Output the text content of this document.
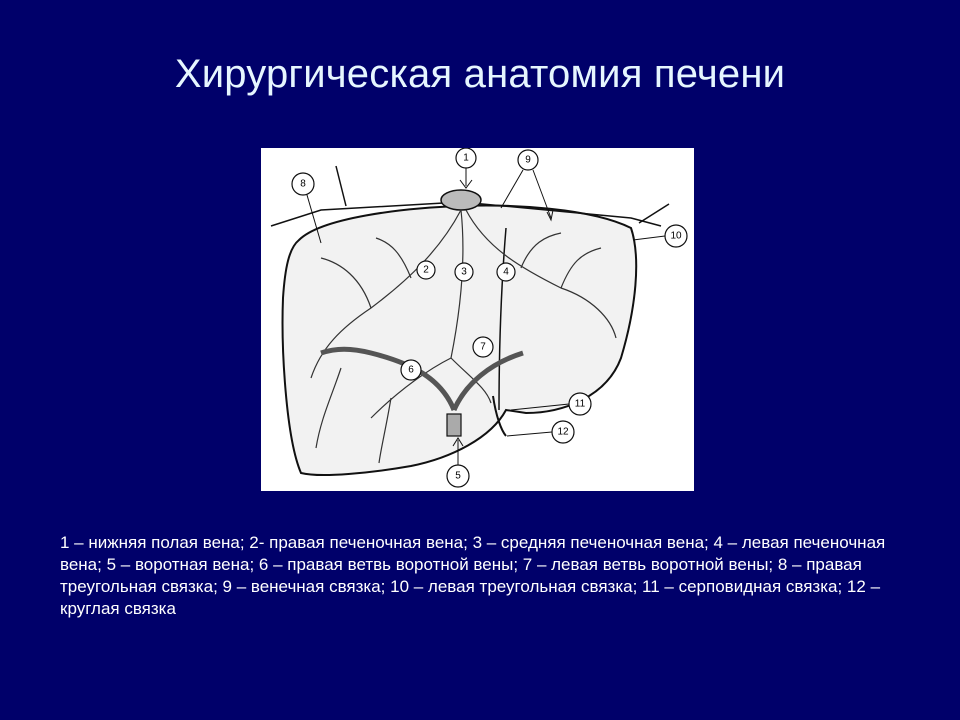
Хирургическая анатомия печени
1	9
8
10
2	3	4
6
7
11
12
5

1 – нижняя полая вена; 2- правая печеночная вена; 3 – средняя печеночная вена; 4 – левая печеночная вена; 5 – воротная вена; 6 – правая ветвь воротной вены; 7 – левая ветвь воротной вены; 8 – правая треугольная связка; 9 – венечная связка; 10 – левая треугольная связка; 11 – серповидная связка; 12 – круглая связка
